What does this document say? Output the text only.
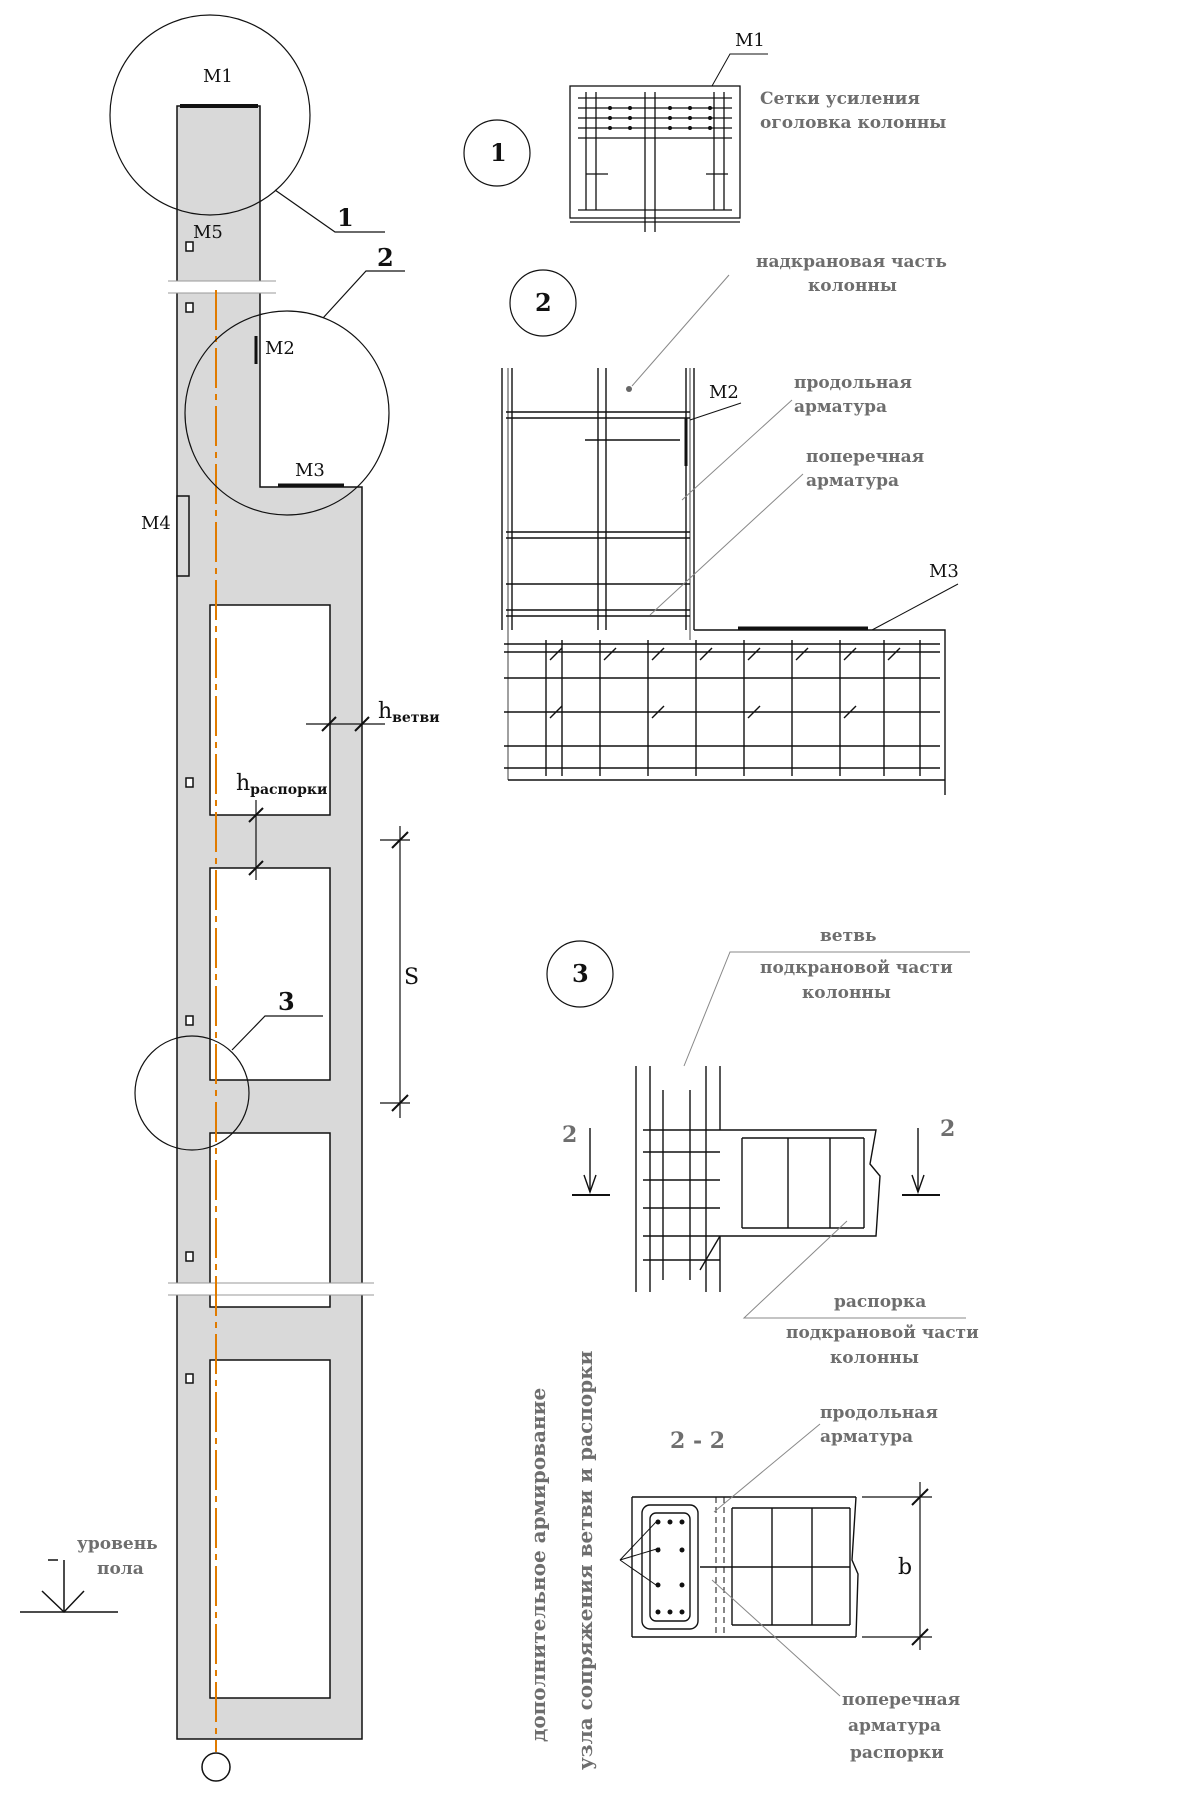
М1
М5
М2
М3
М4
1
2
3
hветви
hраспорки
S
уровень
пола
1
М1
Сетки усиления
оголовка колонны
2
надкрановая часть
колонны
М2	продольная
арматура
поперечная
арматура
М3
3
ветвь
подкрановой части
колонны
2	2
распорка
подкрановой части
колонны
2 - 2
продольная
арматура
b
поперечная
арматура
распорки
дополнительное армирование узла сопряжения ветви и распорки
